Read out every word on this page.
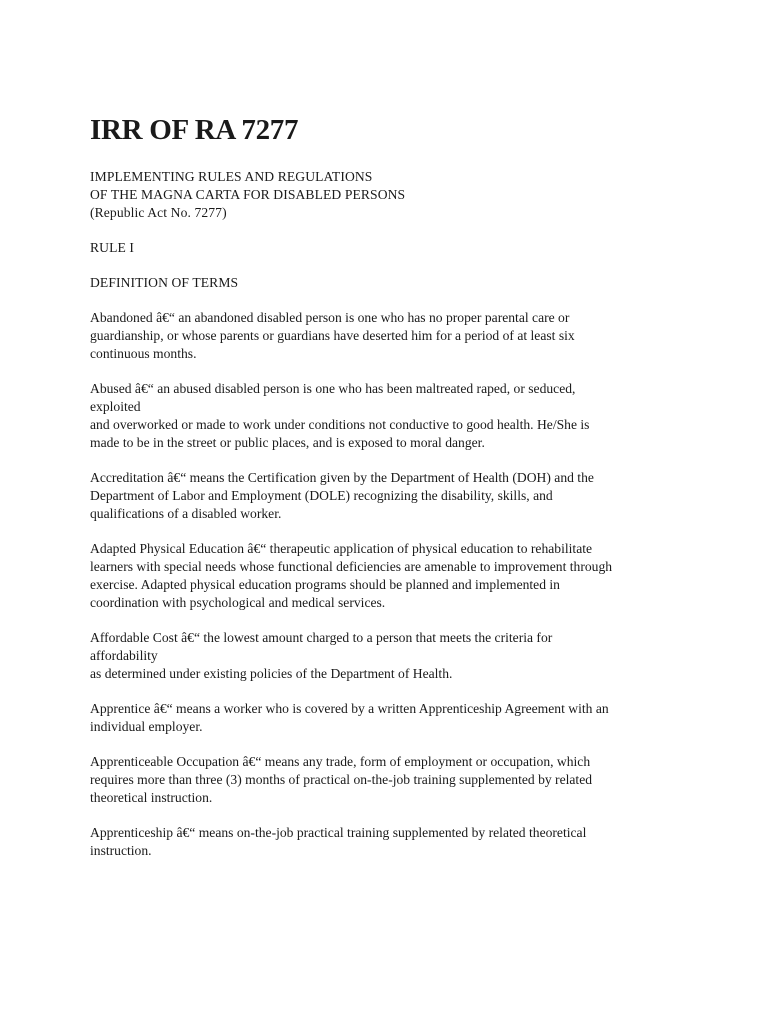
IRR OF RA 7277
IMPLEMENTING RULES AND REGULATIONS
OF THE MAGNA CARTA FOR DISABLED PERSONS
(Republic Act No. 7277)
RULE I
DEFINITION OF TERMS
Abandoned â€“ an abandoned disabled person is one who has no proper parental care or
guardianship, or whose parents or guardians have deserted him for a period of at least six
continuous months.
Abused â€“ an abused disabled person is one who has been maltreated raped, or seduced,
exploited
and overworked or made to work under conditions not conductive to good health. He/She is
made to be in the street or public places, and is exposed to moral danger.
Accreditation â€“ means the Certification given by the Department of Health (DOH) and the
Department of Labor and Employment (DOLE) recognizing the disability, skills, and
qualifications of a disabled worker.
Adapted Physical Education â€“ therapeutic application of physical education to rehabilitate
learners with special needs whose functional deficiencies are amenable to improvement through
exercise. Adapted physical education programs should be planned and implemented in
coordination with psychological and medical services.
Affordable Cost â€“ the lowest amount charged to a person that meets the criteria for
affordability
as determined under existing policies of the Department of Health.
Apprentice â€“ means a worker who is covered by a written Apprenticeship Agreement with an
individual employer.
Apprenticeable Occupation â€“ means any trade, form of employment or occupation, which
requires more than three (3) months of practical on-the-job training supplemented by related
theoretical instruction.
Apprenticeship â€“ means on-the-job practical training supplemented by related theoretical
instruction.
